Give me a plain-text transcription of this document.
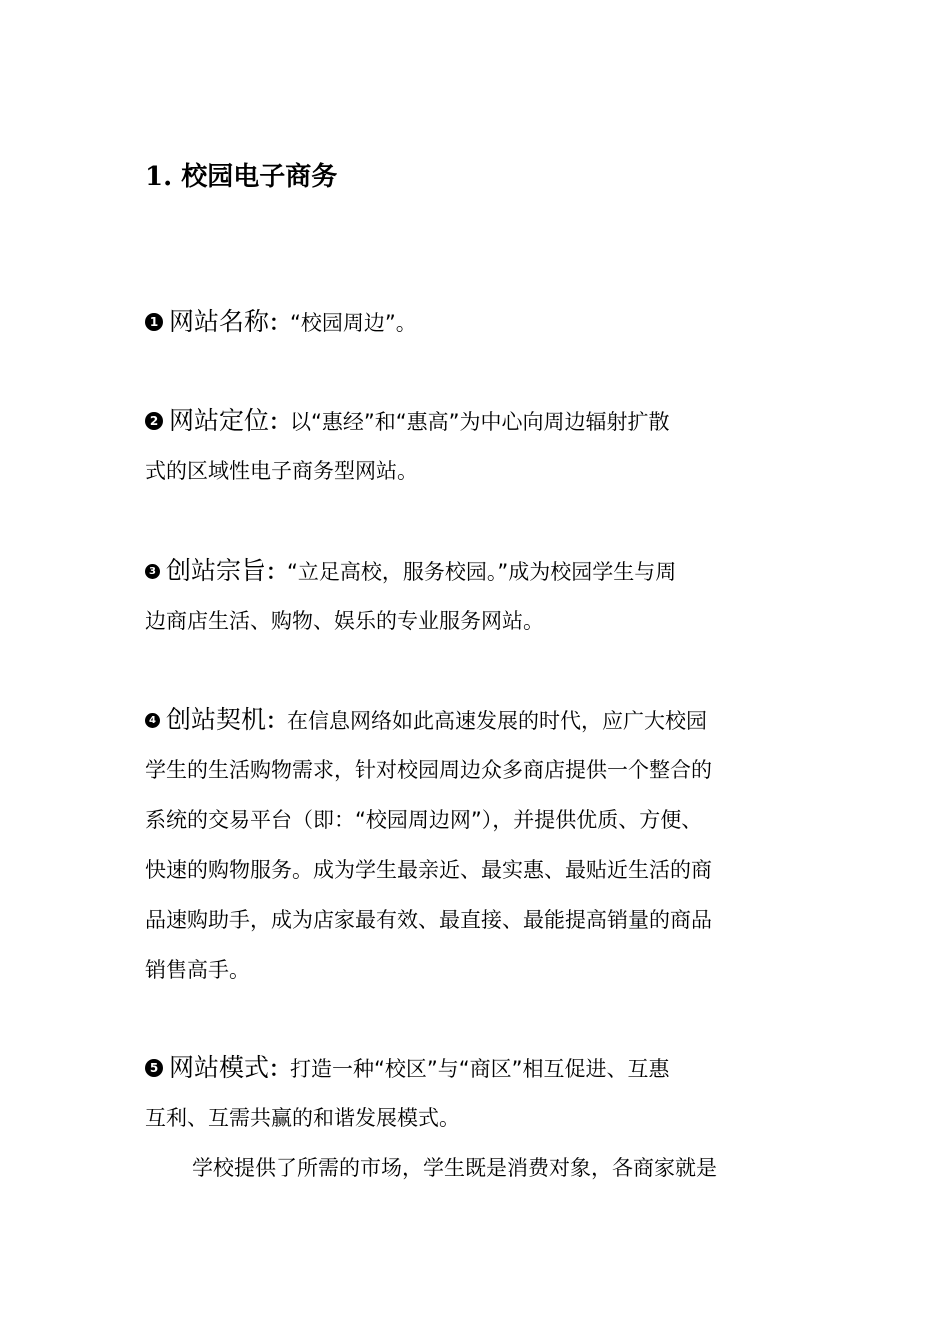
1. 校园电子商务
1 网站名称：“校园周边”。
2 网站定位：以“惠经”和“惠高”为中心向周边辐射扩散
式的区域性电子商务型网站。
3 创站宗旨：“立足高校，服务校园。”成为校园学生与周
边商店生活、购物、娱乐的专业服务网站。
4 创站契机：在信息网络如此高速发展的时代，应广大校园
学生的生活购物需求，针对校园周边众多商店提供一个整合的
系统的交易平台（即：“校园周边网”），并提供优质、方便、
快速的购物服务。成为学生最亲近、最实惠、最贴近生活的商
品速购助手，成为店家最有效、最直接、最能提高销量的商品
销售高手。
5 网站模式：打造一种“校区”与“商区”相互促进、互惠
互利、互需共赢的和谐发展模式。
学校提供了所需的市场，学生既是消费对象，各商家就是
